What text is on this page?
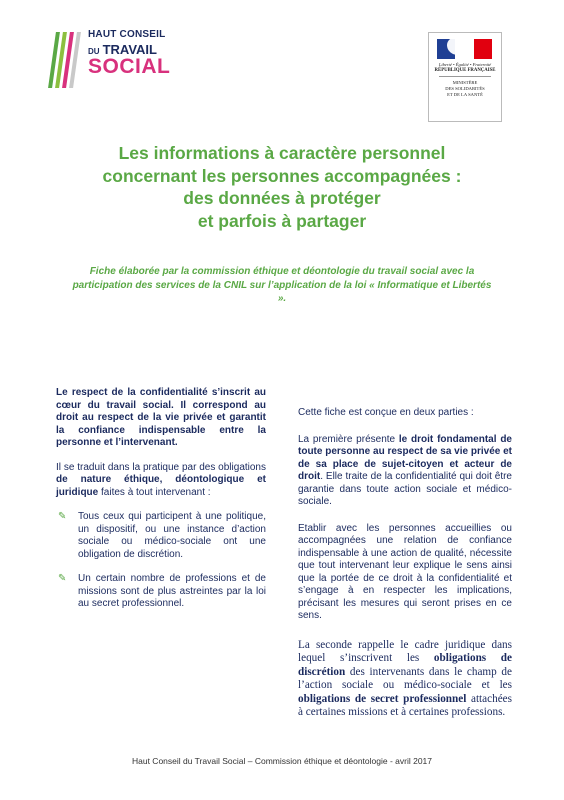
HAUT CONSEIL
DU TRAVAIL
SOCIAL	Liberté • Égalité • Fraternité
RÉPUBLIQUE FRANÇAISE
MINISTÈRE
DES SOLIDARITÉS
ET DE LA SANTÉ
Les informations à caractère personnel
concernant les personnes accompagnées :
des données à protéger
et parfois à partager
Fiche élaborée par la commission éthique et déontologie du travail social avec la participation des services de la CNIL sur l’application de la loi « Informatique et Libertés ».

Le respect de la confidentialité s’inscrit au cœur du travail social. Il correspond au droit au respect de la vie privée et garantit la confiance indispensable entre la personne et l’intervenant.

Il se traduit dans la pratique par des obligations de nature éthique, déontologique et juridique faites à tout intervenant :

✎ Tous ceux qui participent à une politique, un dispositif, ou une instance d’action sociale ou médico-sociale ont une obligation de discrétion.
✎ Un certain nombre de professions et de missions sont de plus astreintes par la loi au secret professionnel.

Cette fiche est conçue en deux parties :

La première présente le droit fondamental de toute personne au respect de sa vie privée et de sa place de sujet-citoyen et acteur de droit. Elle traite de la confidentialité qui doit être garantie dans toute action sociale et médico-sociale.

Etablir avec les personnes accueillies ou accompagnées une relation de confiance indispensable à une action de qualité, nécessite que tout intervenant leur explique le sens ainsi que la portée de ce droit à la confidentialité et s’engage à en respecter les implications, précisant les mesures qui seront prises en ce sens.

La seconde rappelle le cadre juridique dans lequel s’inscrivent les obligations de discrétion des intervenants dans le champ de l’action sociale ou médico-sociale et les obligations de secret professionnel attachées à certaines missions et à certaines professions.

Haut Conseil du Travail Social – Commission éthique et déontologie - avril 2017
